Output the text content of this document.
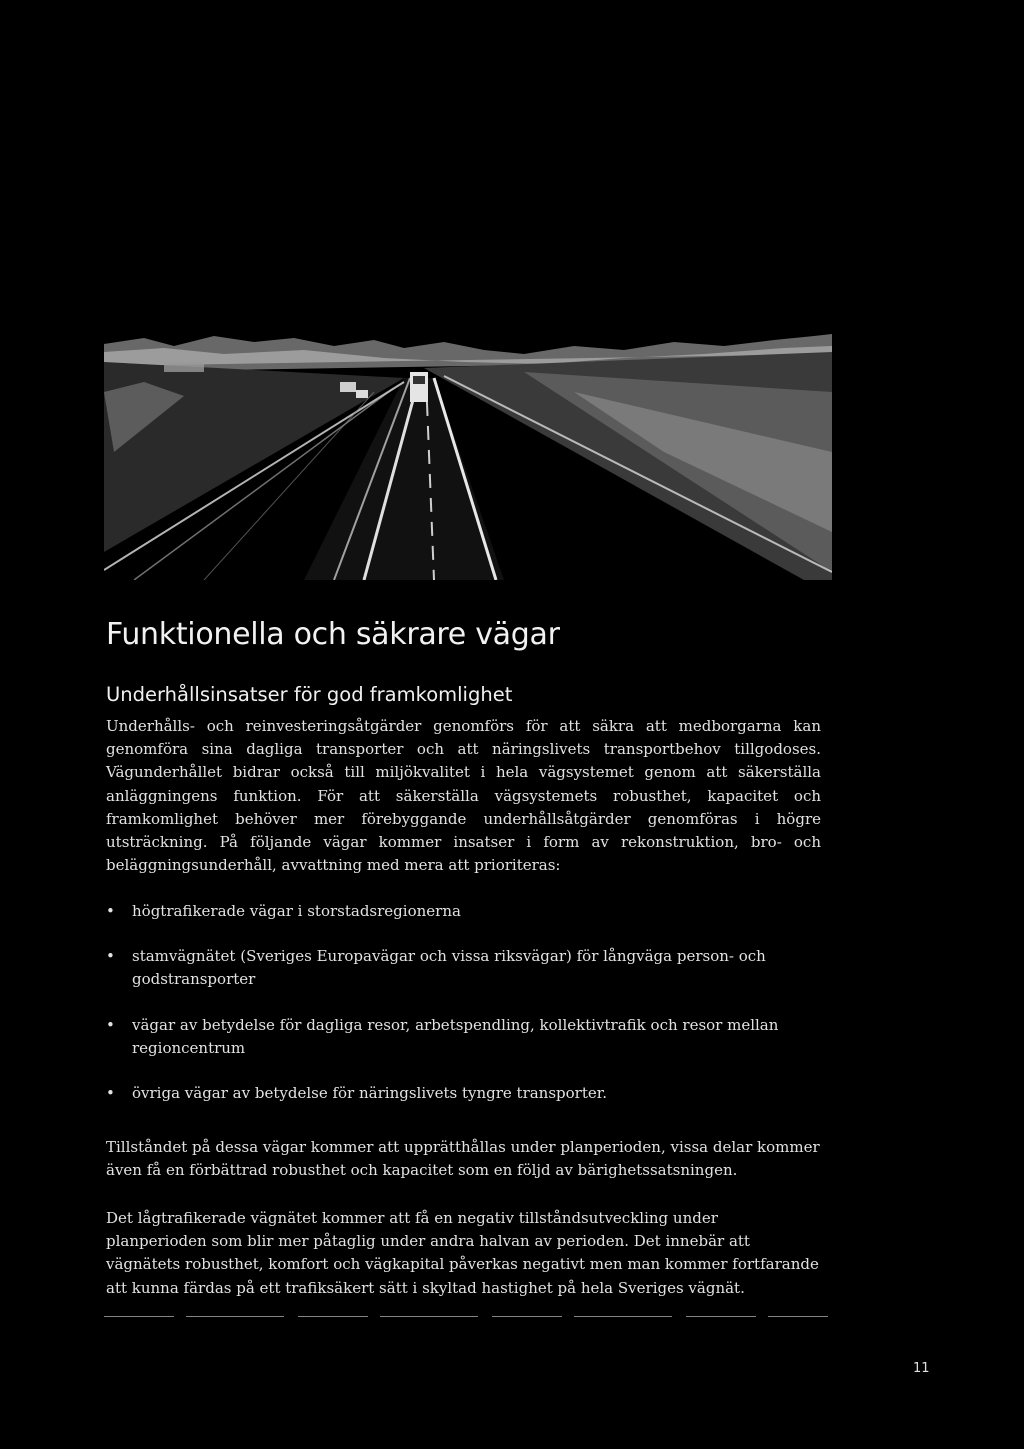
Funktionella och säkrare vägar
Underhållsinsatser för god framkomlighet

Underhålls- och reinvesteringsåtgärder genomförs för att säkra att medborgarna kan genomföra sina dagliga transporter och att näringslivets transportbehov tillgodoses. Vägunderhållet bidrar också till miljökvalitet i hela vägsystemet genom att säkerställa anläggningens funktion. För att säkerställa vägsystemets robusthet, kapacitet och framkomlighet behöver mer förebyggande underhållsåtgärder genomföras i högre utsträckning. På följande vägar kommer insatser i form av rekonstruktion, bro- och beläggningsunderhåll, avvattning med mera att prioriteras:

• högtrafikerade vägar i storstadsregionerna
• stamvägnätet (Sveriges Europavägar och vissa riksvägar) för långväga person- och godstransporter
• vägar av betydelse för dagliga resor, arbetspendling, kollektivtrafik och resor mellan regioncentrum
• övriga vägar av betydelse för näringslivets tyngre transporter.

Tillståndet på dessa vägar kommer att upprätthållas under planperioden, vissa delar kommer även få en förbättrad robusthet och kapacitet som en följd av bärighetssatsningen.

Det lågtrafikerade vägnätet kommer att få en negativ tillståndsutveckling under planperioden som blir mer påtaglig under andra halvan av perioden. Det innebär att vägnätets robusthet, komfort och vägkapital påverkas negativt men man kommer fortfarande att kunna färdas på ett trafiksäkert sätt i skyltad hastighet på hela Sveriges vägnät.

11
